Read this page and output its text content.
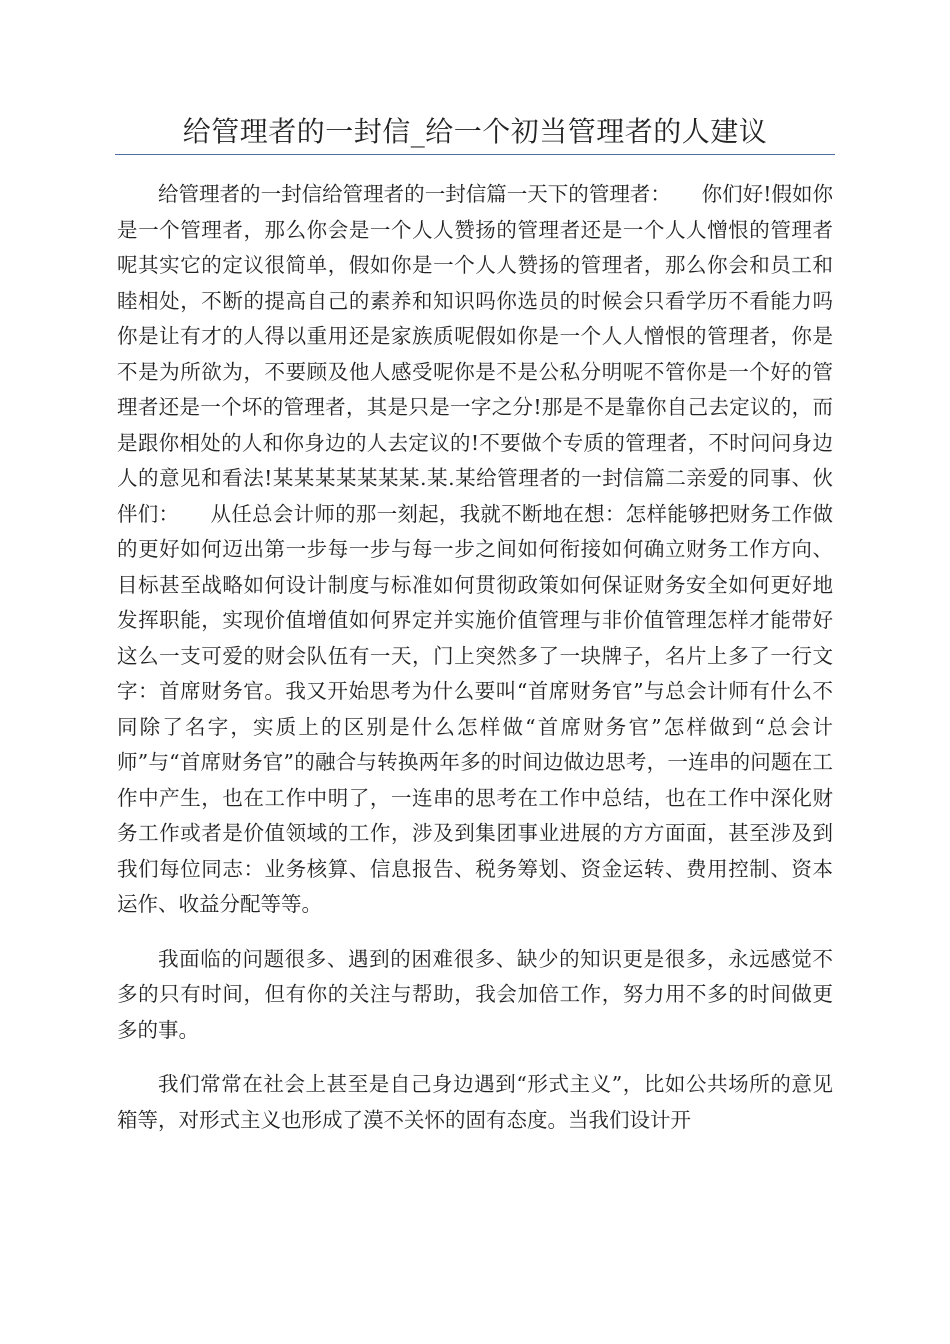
给管理者的一封信_给一个初当管理者的人建议

给管理者的一封信给管理者的一封信篇一天下的管理者：　　你们好!假如你是一个管理者，那么你会是一个人人赞扬的管理者还是一个人人憎恨的管理者呢其实它的定议很简单，假如你是一个人人赞扬的管理者，那么你会和员工和睦相处，不断的提高自己的素养和知识吗你选员的时候会只看学历不看能力吗你是让有才的人得以重用还是家族质呢假如你是一个人人憎恨的管理者，你是不是为所欲为，不要顾及他人感受呢你是不是公私分明呢不管你是一个好的管理者还是一个坏的管理者，其是只是一字之分!那是不是靠你自己去定议的，而是跟你相处的人和你身边的人去定议的!不要做个专质的管理者，不时问问身边人的意见和看法!某某某某某某某.某.某给管理者的一封信篇二亲爱的同事、伙伴们：　　从任总会计师的那一刻起，我就不断地在想：怎样能够把财务工作做的更好如何迈出第一步每一步与每一步之间如何衔接如何确立财务工作方向、目标甚至战略如何设计制度与标准如何贯彻政策如何保证财务安全如何更好地发挥职能，实现价值增值如何界定并实施价值管理与非价值管理怎样才能带好这么一支可爱的财会队伍有一天，门上突然多了一块牌子，名片上多了一行文字：首席财务官。我又开始思考为什么要叫“首席财务官”与总会计师有什么不同除了名字，实质上的区别是什么怎样做“首席财务官”怎样做到“总会计师”与“首席财务官”的融合与转换两年多的时间边做边思考，一连串的问题在工作中产生，也在工作中明了，一连串的思考在工作中总结，也在工作中深化财务工作或者是价值领域的工作，涉及到集团事业进展的方方面面，甚至涉及到我们每位同志：业务核算、信息报告、税务筹划、资金运转、费用控制、资本运作、收益分配等等。

我面临的问题很多、遇到的困难很多、缺少的知识更是很多，永远感觉不多的只有时间，但有你的关注与帮助，我会加倍工作，努力用不多的时间做更多的事。

我们常常在社会上甚至是自己身边遇到“形式主义”，比如公共场所的意见箱等，对形式主义也形成了漠不关怀的固有态度。当我们设计开
